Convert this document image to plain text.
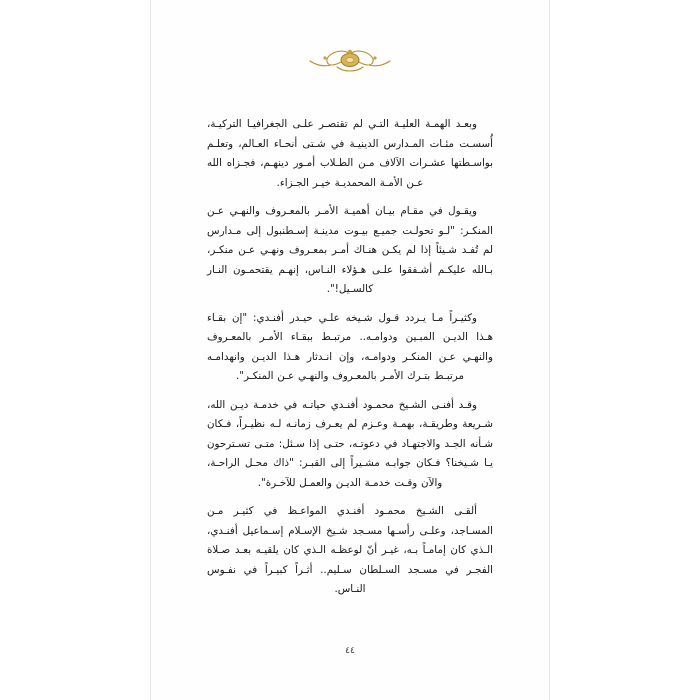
وبعـد الهمـة العليـة التـي لم تقتصـر علـى الجغرافيـا التركيـة، أُسسـت مئـات المـدارس الدينيـة في شـتى أنحـاء العـالم، وتعلـم بواسـطتها عشـرات الآلاف مـن الطـلاب أمـور دينهـم، فجـزاه الله عـن الأمـة المحمديـة خيـر الجـزاء.

ويقـول في مقـام بيـان أهميـة الأمـر بالمعـروف والنهـي عـن المنكـر: "لـو تحولـت جميـع بيـوت مدينـة إسـطنبول إلى مـدارس لم تُفـد شـيئاً إذا لم يكـن هنـاك أمـر بمعـروف ونهـي عـن منكـر، بـالله عليكـم أشـفقوا علـى هـؤلاء النـاس، إنهـم يقتحمـون النـار كالسـيل!".

وكثيـراً مـا يـردد قـول شـيخه علـي حيـدر أفنـدي: "إن بقـاء هـذا الديـن المبـين ودوامـه.. مرتبـط ببقـاء الأمـر بالمعـروف والنهـي عـن المنكـر ودوامـه، وإن انـدثار هـذا الديـن وانهدامـه مرتبـط بتـرك الأمـر بالمعـروف والنهـي عـن المنكـر".

وقـد أفنـى الشـيخ محمـود أفنـدي حياتـه في خدمـة ديـن الله، شـريعة وطريقـة، بهمـة وعـزم لم يعـرف زمانـه لـه نظيـراً، فـكان شـأنه الجـد والاجتهـاد في دعوتـه، حتـى إذا سـئل: متـى تسـترحون يـا شـيخنا؟ فـكان جوابـه مشـيراً إلى القبـر: "ذاك محـل الراحـة، والآن وقـت خدمـة الديـن والعمـل للآخـرة".

ألقـى الشـيخ محمـود أفنـدي المواعـظ في كثيـر مـن المسـاجد، وعلـى رأسـها مسـجد شـيخ الإسـلام إسـماعيل أفنـدي، الـذي كان إمامـاً بـه، غيـر أنّ لوعظـه الـذي كان يلقيـه بعـد صـلاة الفجـر في مسـجد السـلطان سـليم.. أثـراً كبيـراً في نفـوس النـاس.

٤٤
